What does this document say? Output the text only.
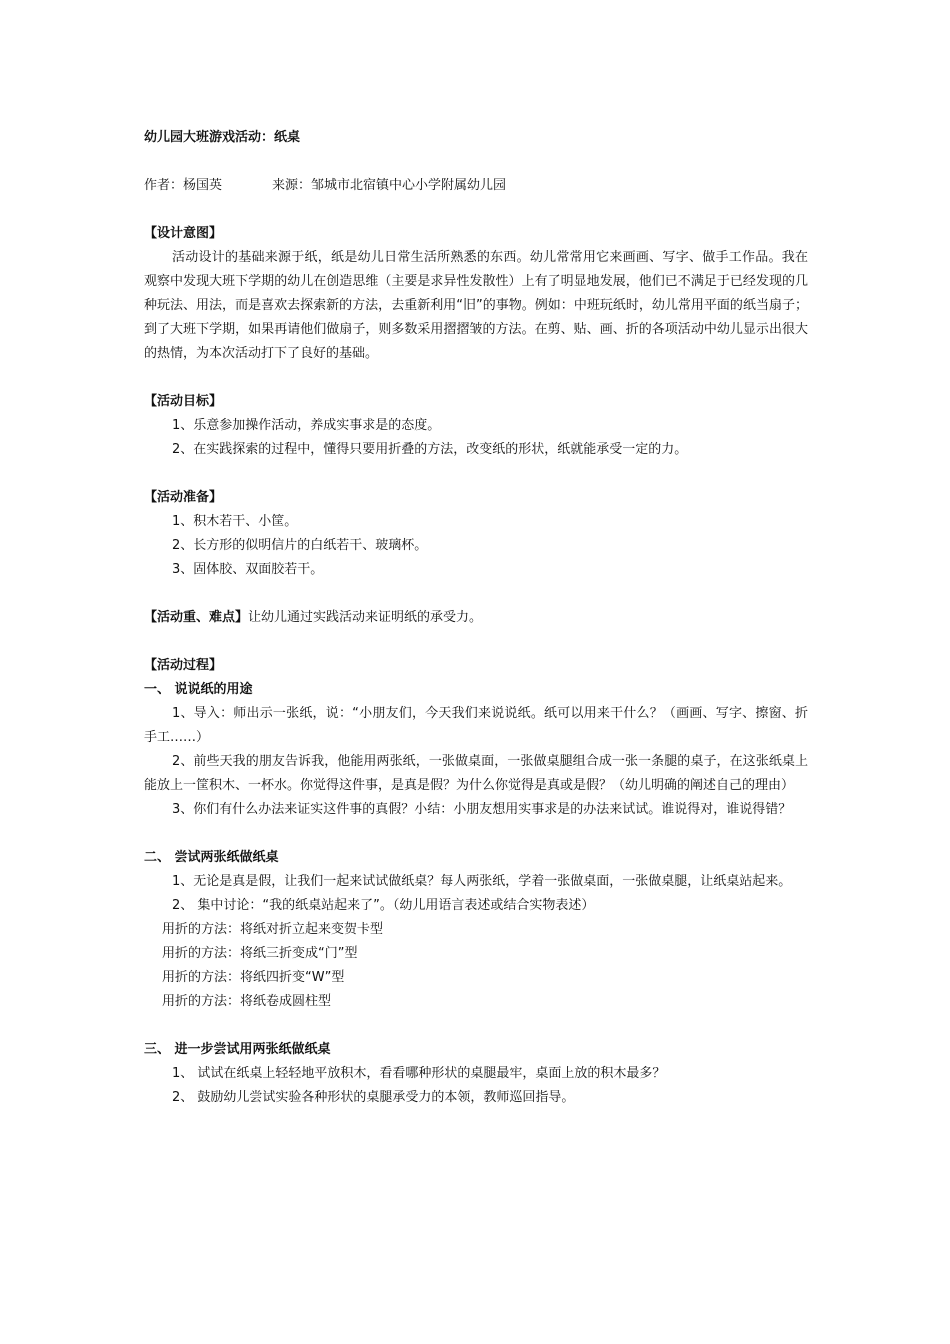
幼儿园大班游戏活动：纸桌
作者：杨国英	来源：邹城市北宿镇中心小学附属幼儿园
【设计意图】
活动设计的基础来源于纸，纸是幼儿日常生活所熟悉的东西。幼儿常常用它来画画、写字、做手工作品。我在观察中发现大班下学期的幼儿在创造思维（主要是求异性发散性）上有了明显地发展，他们已不满足于已经发现的几种玩法、用法，而是喜欢去探索新的方法，去重新利用“旧”的事物。例如：中班玩纸时，幼儿常用平面的纸当扇子；到了大班下学期，如果再请他们做扇子，则多数采用摺摺皱的方法。在剪、贴、画、折的各项活动中幼儿显示出很大的热情，为本次活动打下了良好的基础。
【活动目标】
1、乐意参加操作活动，养成实事求是的态度。
2、在实践探索的过程中，懂得只要用折叠的方法，改变纸的形状，纸就能承受一定的力。
【活动准备】
1、积木若干、小筐。
2、长方形的似明信片的白纸若干、玻璃杯。
3、固体胶、双面胶若干。
【活动重、难点】让幼儿通过实践活动来证明纸的承受力。
【活动过程】
一、 说说纸的用途
1、导入：师出示一张纸，说：“小朋友们，今天我们来说说纸。纸可以用来干什么？（画画、写字、擦窗、折手工……）
2、前些天我的朋友告诉我，他能用两张纸，一张做桌面，一张做桌腿组合成一张一条腿的桌子，在这张纸桌上能放上一筐积木、一杯水。你觉得这件事，是真是假？为什么你觉得是真或是假？（幼儿明确的阐述自己的理由）
3、你们有什么办法来证实这件事的真假？小结：小朋友想用实事求是的办法来试试。谁说得对，谁说得错？
二、 尝试两张纸做纸桌
1、无论是真是假，让我们一起来试试做纸桌？每人两张纸，学着一张做桌面，一张做桌腿，让纸桌站起来。
2、 集中讨论：“我的纸桌站起来了”。（幼儿用语言表述或结合实物表述）
用折的方法：将纸对折立起来变贺卡型
用折的方法：将纸三折变成“门”型
用折的方法：将纸四折变“W”型
用折的方法：将纸卷成圆柱型
三、 进一步尝试用两张纸做纸桌
1、 试试在纸桌上轻轻地平放积木，看看哪种形状的桌腿最牢，桌面上放的积木最多？
2、 鼓励幼儿尝试实验各种形状的桌腿承受力的本领，教师巡回指导。
